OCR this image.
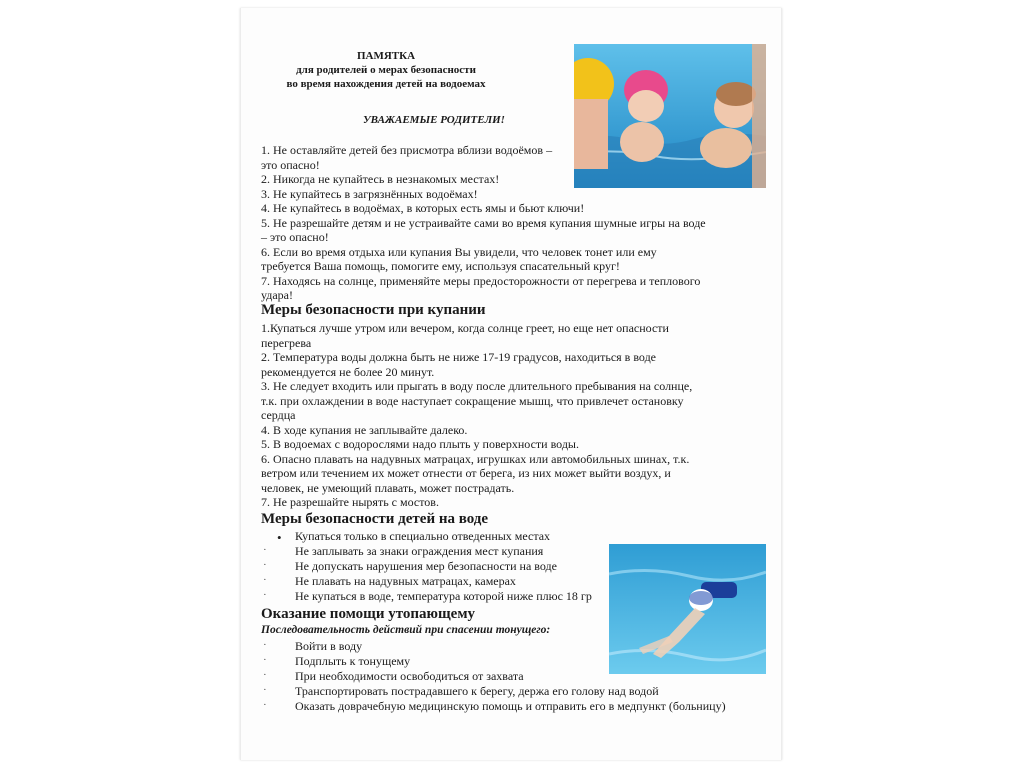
ПАМЯТКА
для родителей о мерах безопасности
во время нахождения детей на водоемах
УВАЖАЕМЫЕ РОДИТЕЛИ!
1. Не оставляйте детей без присмотра вблизи водоёмов –
это опасно!
2. Никогда не купайтесь в незнакомых местах!
3. Не купайтесь в загрязнённых водоёмах!
4. Не купайтесь в водоёмах, в которых есть ямы и бьют ключи!
5. Не разрешайте детям и не устраивайте сами во время купания шумные игры на воде
– это опасно!
6. Если во время отдыха или купания Вы увидели, что человек тонет или ему
требуется Ваша помощь, помогите ему, используя спасательный круг!
7. Находясь на солнце, применяйте меры предосторожности от перегрева и теплового
удара!
Меры безопасности при купании
1.Купаться лучше утром или вечером, когда солнце греет, но еще нет опасности
перегрева
2. Температура воды должна быть не ниже 17-19 градусов, находиться в воде
рекомендуется не более 20 минут.
3. Не следует входить или прыгать в воду после длительного пребывания на солнце,
т.к. при охлаждении в воде наступает сокращение мышц, что привлечет остановку
сердца
4. В ходе купания не заплывайте далеко.
5. В водоемах с водорослями надо плыть у поверхности воды.
6. Опасно плавать на надувных матрацах, игрушках или автомобильных шинах, т.к.
ветром или течением их может отнести от берега, из них может выйти воздух, и
человек, не умеющий плавать, может пострадать.
7. Не разрешайте нырять с мостов.
Меры безопасности детей на воде
• Купаться только в специально отведенных местах
· Не заплывать за знаки ограждения мест купания
· Не допускать нарушения мер безопасности на воде
· Не плавать на надувных матрацах, камерах
· Не купаться в воде, температура которой ниже плюс 18 гр
Оказание помощи утопающему
Последовательность действий при спасении тонущего:
· Войти в воду
· Подплыть к тонущему
· При необходимости освободиться от захвата
· Транспортировать пострадавшего к берегу, держа его голову над водой
· Оказать доврачебную медицинскую помощь и отправить его в медпункт (больницу)
